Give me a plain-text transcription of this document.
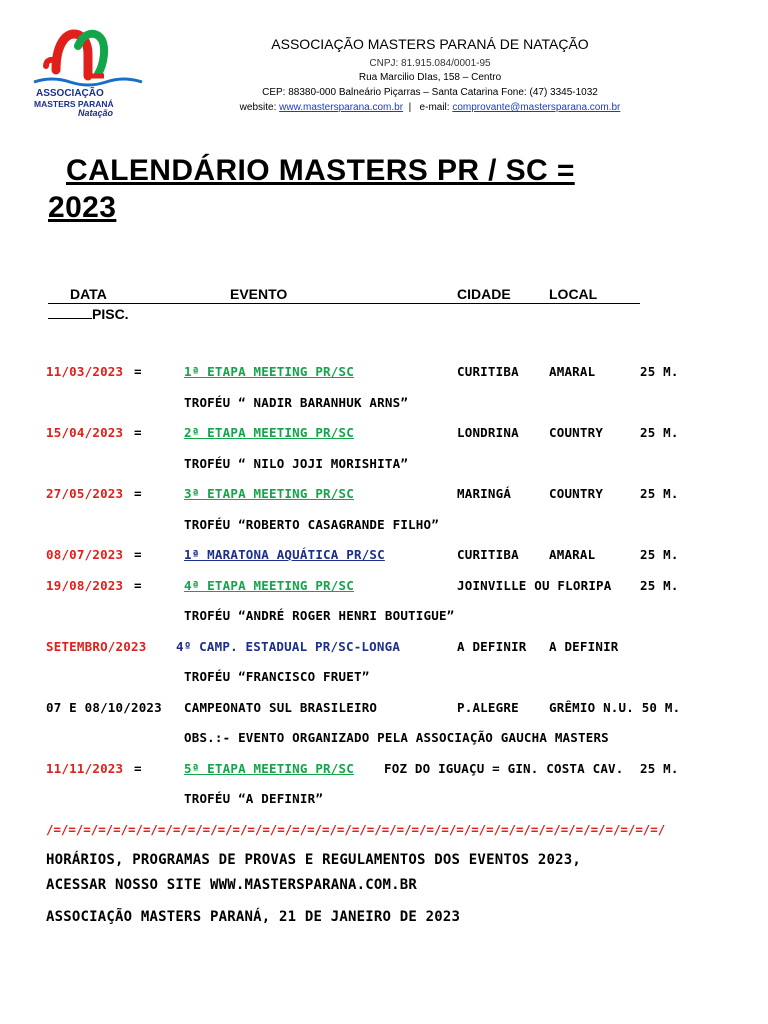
ASSOCIAÇÃO
MASTERS PARANÁ
Natação
ASSOCIAÇÃO MASTERS PARANÁ DE NATAÇÃO
CNPJ: 81.915.084/0001-95
Rua Marcilio DIas, 158 – Centro
CEP: 88380-000 Balneário Piçarras – Santa Catarina Fone: (47) 3345-1032
website: www.mastersparana.com.br  |   e-mail: comprovante@mastersparana.com.br
CALENDÁRIO MASTERS PR / SC =
2023
DATA	EVENTO	CIDADE	LOCAL
PISC.
11/03/2023 =	1ª ETAPA MEETING PR/SC	CURITIBA AMARAL	25 M.
TROFÉU “ NADIR BARANHUK ARNS”
15/04/2023 =	2ª ETAPA MEETING PR/SC	LONDRINA COUNTRY	25 M.
TROFÉU “ NILO JOJI MORISHITA”
27/05/2023 =	3ª ETAPA MEETING PR/SC	MARINGÁ	COUNTRY	25 M.
TROFÉU “ROBERTO CASAGRANDE FILHO”
08/07/2023 =	1ª MARATONA AQUÁTICA PR/SC	CURITIBA AMARAL	25 M.
19/08/2023 =	4ª ETAPA MEETING PR/SC	JOINVILLE OU FLORIPA 25 M.
TROFÉU “ANDRÉ ROGER HENRI BOUTIGUE”
SETEMBRO/2023 4º CAMP. ESTADUAL PR/SC-LONGA	A DEFINIR A DEFINIR
TROFÉU “FRANCISCO FRUET”
07 E 08/10/2023 CAMPEONATO SUL BRASILEIRO	P.ALEGRE GRÊMIO N.U. 50 M.
OBS.:- EVENTO ORGANIZADO PELA ASSOCIAÇÃO GAUCHA MASTERS
11/11/2023 =	5ª ETAPA MEETING PR/SC FOZ DO IGUAÇU = GIN. COSTA CAV. 25 M.
TROFÉU “A DEFINIR”
/=/=/=/=/=/=/=/=/=/=/=/=/=/=/=/=/=/=/=/=/=/=/=/=/=/=/=/=/=/=/=/=/=/=/=/=/=/=/=/=/=/
HORÁRIOS, PROGRAMAS DE PROVAS E REGULAMENTOS DOS EVENTOS 2023,
ACESSAR NOSSO SITE WWW.MASTERSPARANA.COM.BR
ASSOCIAÇÃO MASTERS PARANÁ, 21 DE JANEIRO DE 2023
